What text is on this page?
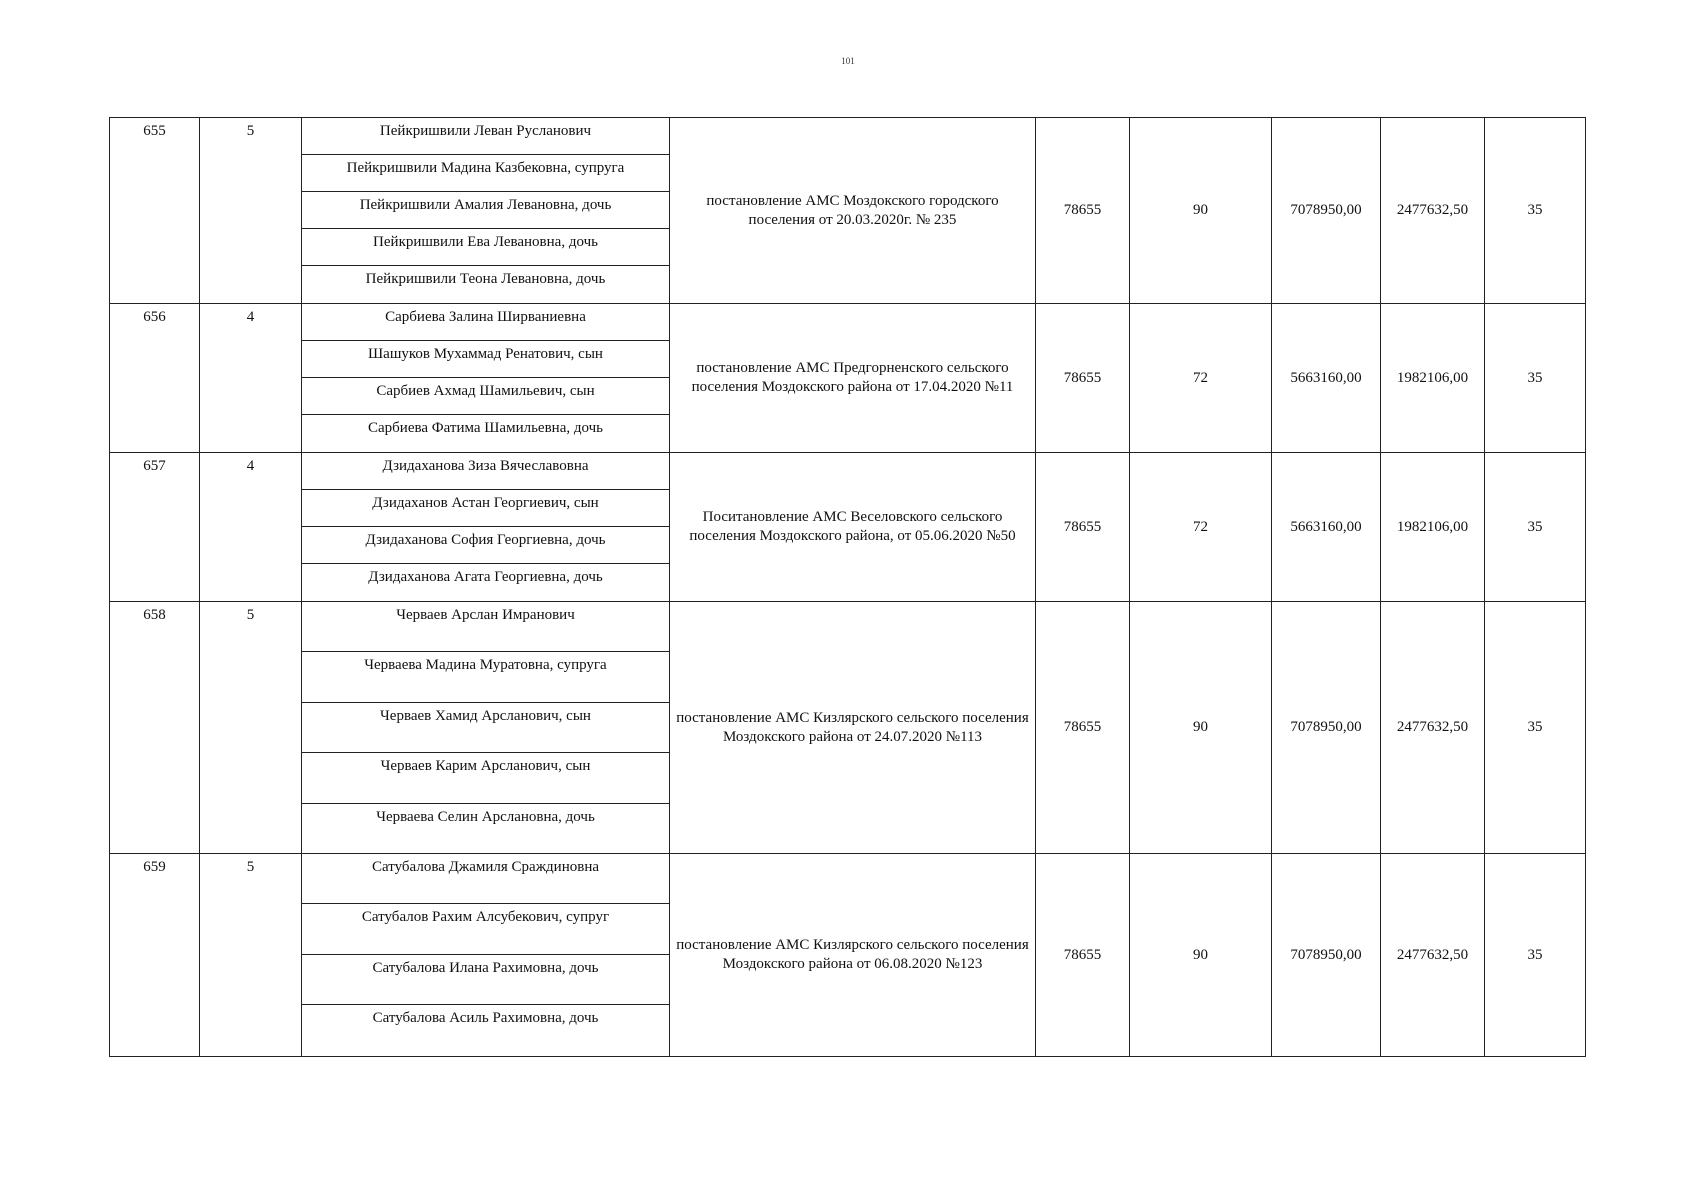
101
655	5	Пейкришвили Леван Русланович	постановление АМС Моздокского городского поселения от 20.03.2020г. № 235	78655	90	7078950,00	2477632,50	35
		Пейкришвили Мадина Казбековна, супруга						
		Пейкришвили Амалия Левановна, дочь						
		Пейкришвили Ева Левановна, дочь						
		Пейкришвили Теона Левановна, дочь						
656	4	Сарбиева Залина Ширваниевна	постановление АМС Предгорненского сельского поселения Моздокского района от 17.04.2020 №11	78655	72	5663160,00	1982106,00	35
		Шашуков Мухаммад Ренатович, сын						
		Сарбиев Ахмад Шамильевич, сын						
		Сарбиева Фатима Шамильевна, дочь						
657	4	Дзидаханова Зиза Вячеславовна	Поситановление АМС Веселовского сельского поселения Моздокского района, от 05.06.2020 №50	78655	72	5663160,00	1982106,00	35
		Дзидаханов Астан Георгиевич, сын						
		Дзидаханова София Георгиевна, дочь						
		Дзидаханова Агата Георгиевна, дочь						
658	5	Черваев Арслан Имранович	постановление АМС Кизлярского сельского поселения Моздокского района от 24.07.2020 №113	78655	90	7078950,00	2477632,50	35
		Черваева Мадина Муратовна, супруга						
		Черваев Хамид Арсланович, сын						
		Черваев Карим Арсланович, сын						
		Черваева Селин Арслановна, дочь						
659	5	Сатубалова Джамиля Сраждиновна	постановление АМС Кизлярского сельского поселения Моздокского района от 06.08.2020 №123	78655	90	7078950,00	2477632,50	35
		Сатубалов Рахим Алсубекович, супруг						
		Сатубалова Илана Рахимовна, дочь						
		Сатубалова Асиль Рахимовна, дочь						
